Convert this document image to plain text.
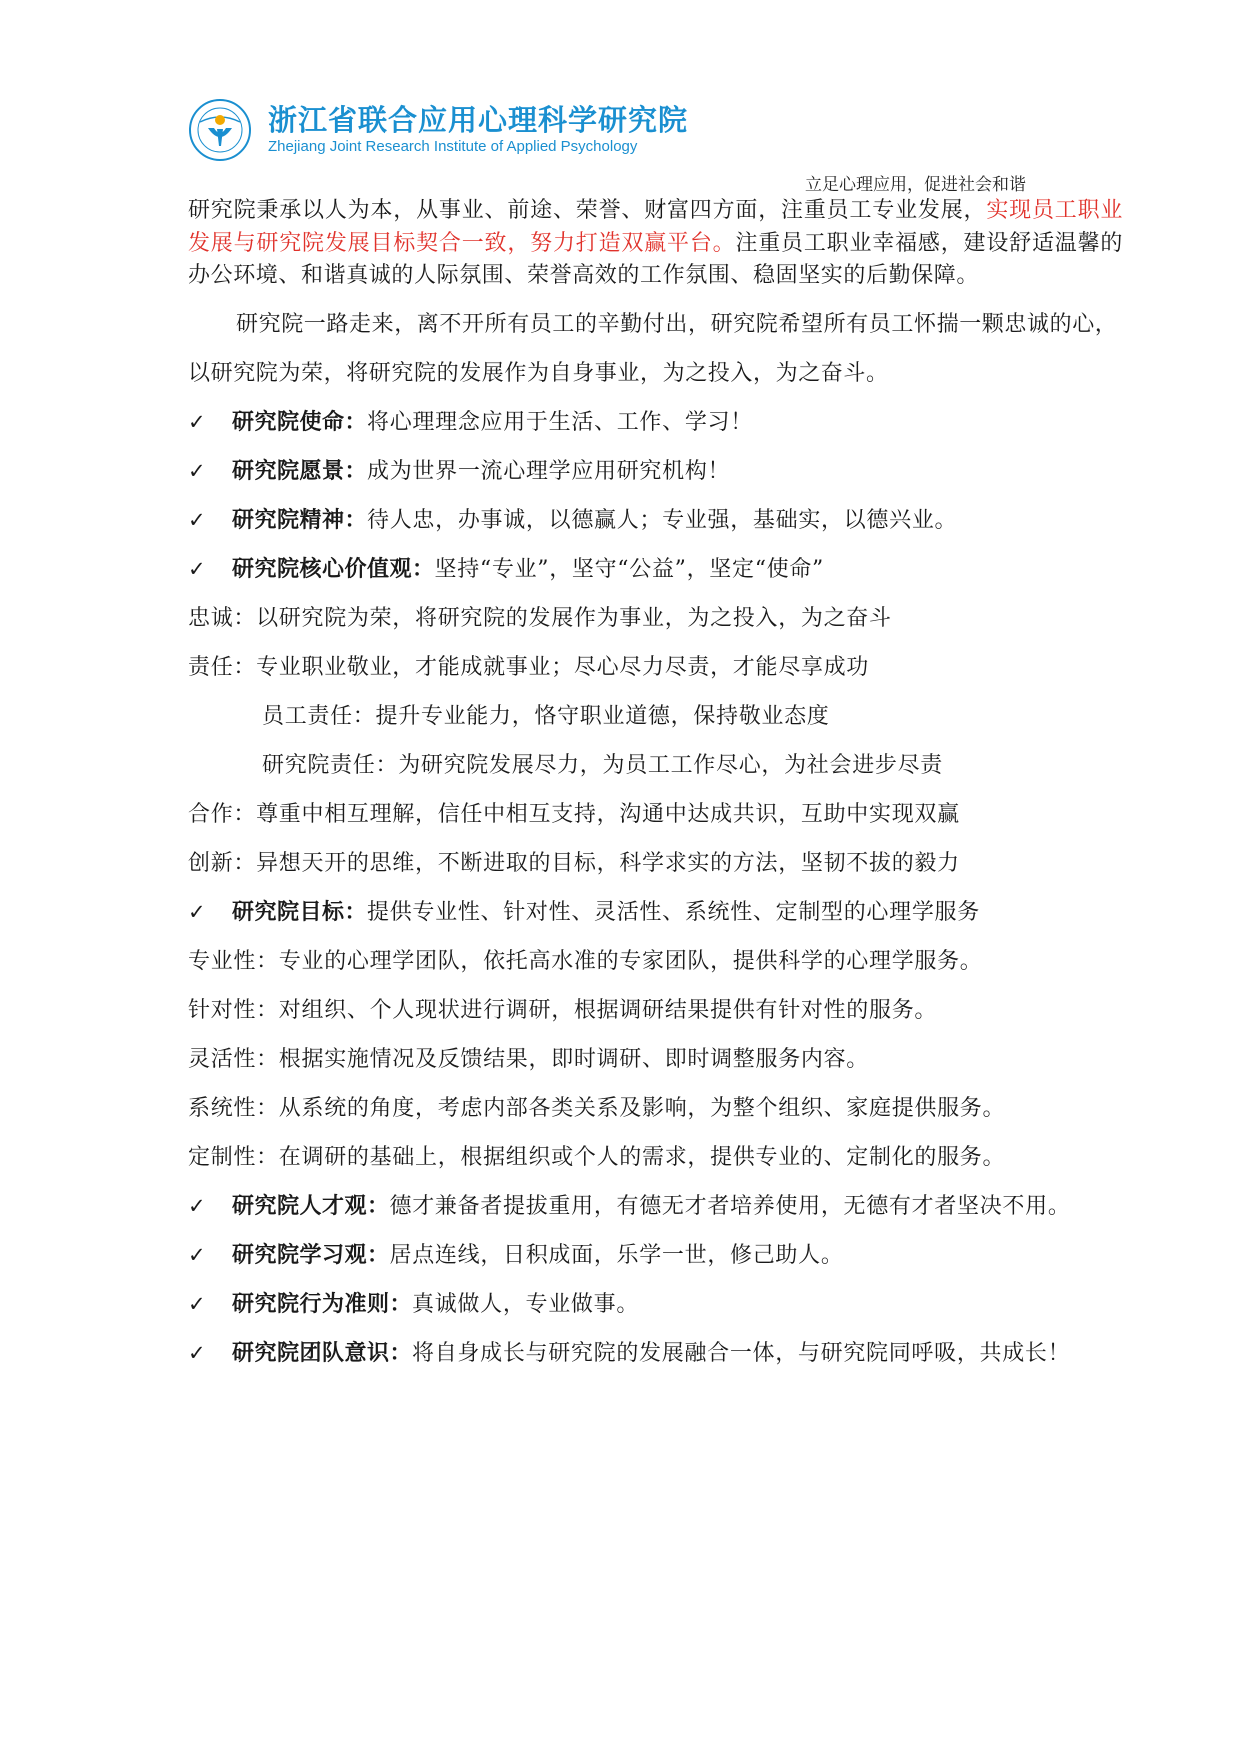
浙江省联合应用心理科学研究院
Zhejiang Joint Research Institute of Applied Psychology
立足心理应用，促进社会和谐

研究院秉承以人为本，从事业、前途、荣誉、财富四方面，注重员工专业发展，实现员工职业发展与研究院发展目标契合一致，努力打造双赢平台。注重员工职业幸福感，建设舒适温馨的办公环境、和谐真诚的人际氛围、荣誉高效的工作氛围、稳固坚实的后勤保障。

研究院一路走来，离不开所有员工的辛勤付出，研究院希望所有员工怀揣一颗忠诚的心，以研究院为荣，将研究院的发展作为自身事业，为之投入，为之奋斗。

✓ 研究院使命：将心理理念应用于生活、工作、学习！
✓ 研究院愿景：成为世界一流心理学应用研究机构！
✓ 研究院精神：待人忠，办事诚，以德赢人；专业强，基础实，以德兴业。
✓ 研究院核心价值观：坚持“专业”，坚守“公益”，坚定“使命”
忠诚：以研究院为荣，将研究院的发展作为事业，为之投入，为之奋斗
责任：专业职业敬业，才能成就事业；尽心尽力尽责，才能尽享成功
员工责任：提升专业能力，恪守职业道德，保持敬业态度
研究院责任：为研究院发展尽力，为员工工作尽心，为社会进步尽责
合作：尊重中相互理解，信任中相互支持，沟通中达成共识，互助中实现双赢
创新：异想天开的思维，不断进取的目标，科学求实的方法，坚韧不拔的毅力
✓ 研究院目标：提供专业性、针对性、灵活性、系统性、定制型的心理学服务
专业性：专业的心理学团队，依托高水准的专家团队，提供科学的心理学服务。
针对性：对组织、个人现状进行调研，根据调研结果提供有针对性的服务。
灵活性：根据实施情况及反馈结果，即时调研、即时调整服务内容。
系统性：从系统的角度，考虑内部各类关系及影响，为整个组织、家庭提供服务。
定制性：在调研的基础上，根据组织或个人的需求，提供专业的、定制化的服务。
✓ 研究院人才观：德才兼备者提拔重用，有德无才者培养使用，无德有才者坚决不用。
✓ 研究院学习观：居点连线，日积成面，乐学一世，修己助人。
✓ 研究院行为准则：真诚做人，专业做事。
✓ 研究院团队意识：将自身成长与研究院的发展融合一体，与研究院同呼吸，共成长！
